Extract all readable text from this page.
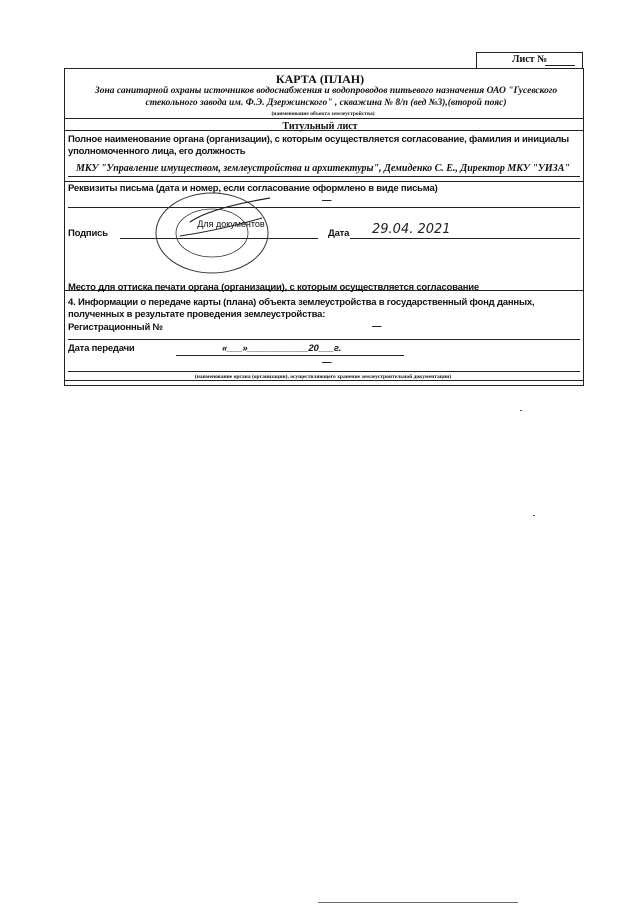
Лист №
КАРТА (ПЛАН)
Зона санитарной охраны источников водоснабжения и водопроводов питьевого назначения ОАО "Гусевского
стекольного завода им. Ф.Э. Дзержинского" , скважина № 8/п (вед №3),(второй пояс)
(наименование объекта землеустройства)
Титульный лист
Полное наименование органа (организации), с которым осуществляется согласование, фамилия и инициалы
уполномоченного лица, его должность
МКУ "Управление имуществом, землеустройства и архитектуры", Демиденко С. Е., Директор МКУ "УИЗА"
Реквизиты письма (дата и номер, если согласование оформлено в виде письма)
—
Подпись	Дата 29.04. 2021
Для документов
Место для оттиска печати органа (организации), с которым осуществляется согласование
4. Информации о передаче карты (плана) объекта землеустройства в государственный фонд данных,
полученных в результате проведения землеустройства:
Регистрационный №	—
Дата передачи	«___»____________20___г.
—
(наименование органа (организации), осуществляющего хранение землеустроительной документации)
